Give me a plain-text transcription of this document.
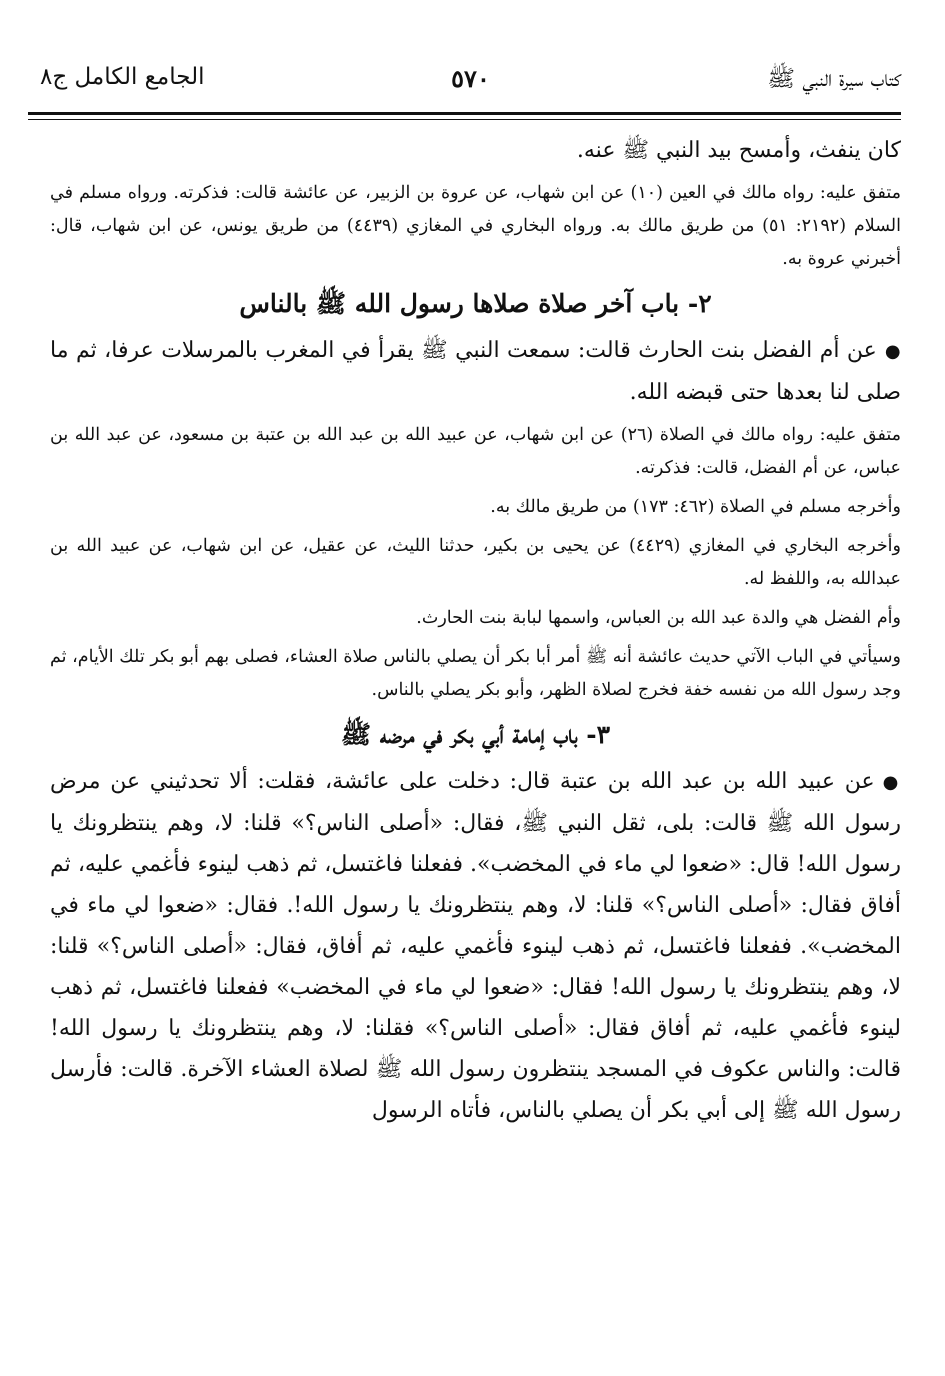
كتاب سيرة النبي ﷺ
٥٧٠
الجامع الكامل ج٨

كان ينفث، وأمسح بيد النبي ﷺ عنه.

متفق عليه: رواه مالك في العين (١٠) عن ابن شهاب، عن عروة بن الزبير، عن عائشة قالت: فذكرته. ورواه مسلم في السلام (٢١٩٢: ٥١) من طريق مالك به. ورواه البخاري في المغازي (٤٤٣٩) من طريق يونس، عن ابن شهاب، قال: أخبرني عروة به.

٢- باب آخر صلاة صلاها رسول الله ﷺ بالناس

●عن أم الفضل بنت الحارث قالت: سمعت النبي ﷺ يقرأ في المغرب بالمرسلات عرفا، ثم ما صلى لنا بعدها حتى قبضه الله.

متفق عليه: رواه مالك في الصلاة (٢٦) عن ابن شهاب، عن عبيد الله بن عبد الله بن عتبة بن مسعود، عن عبد الله بن عباس، عن أم الفضل، قالت: فذكرته.

وأخرجه مسلم في الصلاة (٤٦٢: ١٧٣) من طريق مالك به.

وأخرجه البخاري في المغازي (٤٤٢٩) عن يحيى بن بكير، حدثنا الليث، عن عقيل، عن ابن شهاب، عن عبيد الله بن عبدالله به، واللفظ له.

وأم الفضل هي والدة عبد الله بن العباس، واسمها لبابة بنت الحارث.

وسيأتي في الباب الآتي حديث عائشة أنه ﷺ أمر أبا بكر أن يصلي بالناس صلاة العشاء، فصلى بهم أبو بكر تلك الأيام، ثم وجد رسول الله من نفسه خفة فخرج لصلاة الظهر، وأبو بكر يصلي بالناس.

٣- باب إمامة أبي بكر في مرضه ﷺ

●عن عبيد الله بن عبد الله بن عتبة قال: دخلت على عائشة، فقلت: ألا تحدثيني عن مرض رسول الله ﷺ قالت: بلى، ثقل النبي ﷺ، فقال: «أصلى الناس؟» قلنا: لا، وهم ينتظرونك يا رسول الله! قال: «ضعوا لي ماء في المخضب». ففعلنا فاغتسل، ثم ذهب لينوء فأغمي عليه، ثم أفاق فقال: «أصلى الناس؟» قلنا: لا، وهم ينتظرونك يا رسول الله!. فقال: «ضعوا لي ماء في المخضب». ففعلنا فاغتسل، ثم ذهب لينوء فأغمي عليه، ثم أفاق، فقال: «أصلى الناس؟» قلنا: لا، وهم ينتظرونك يا رسول الله! فقال: «ضعوا لي ماء في المخضب» ففعلنا فاغتسل، ثم ذهب لينوء فأغمي عليه، ثم أفاق فقال: «أصلى الناس؟» فقلنا: لا، وهم ينتظرونك يا رسول الله! قالت: والناس عكوف في المسجد ينتظرون رسول الله ﷺ لصلاة العشاء الآخرة. قالت: فأرسل رسول الله ﷺ إلى أبي بكر أن يصلي بالناس، فأتاه الرسول
